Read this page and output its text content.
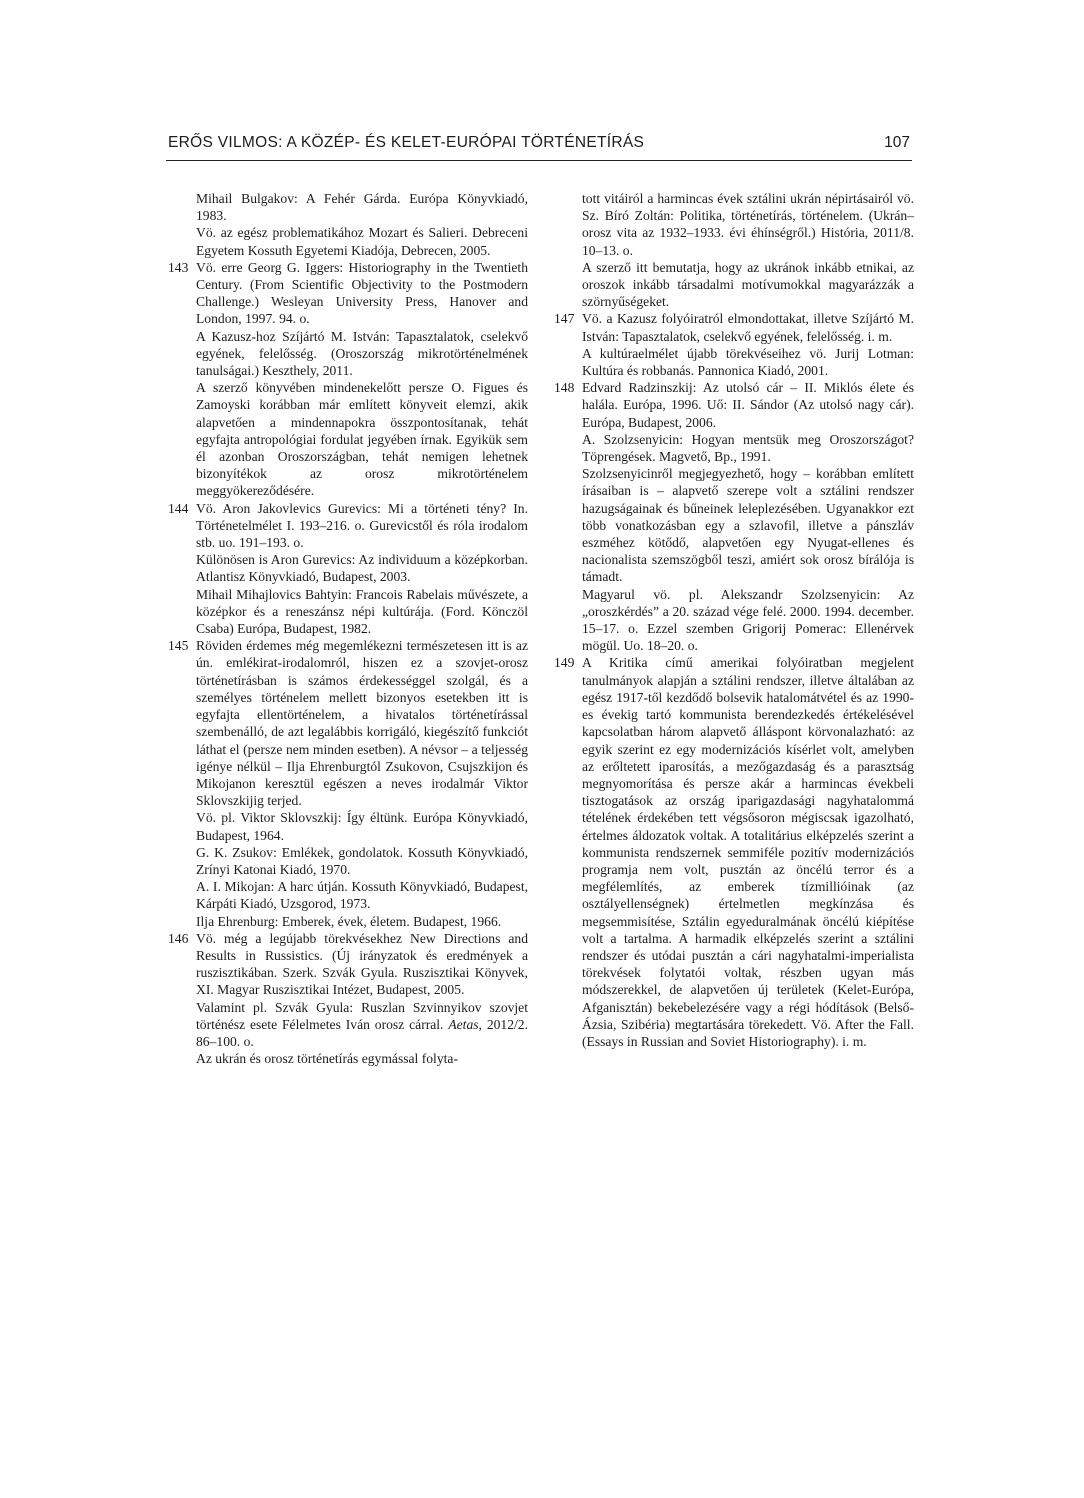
ERŐS VILMOS: A KÖZÉP- ÉS KELET-EURÓPAI TÖRTÉNETÍRÁS	107

Mihail Bulgakov: A Fehér Gárda. Európa Könyvkiadó, 1983.

Vö. az egész problematikához Mozart és Salieri. Debreceni Egyetem Kossuth Egyetemi Kiadója, Debrecen, 2005.

143 Vö. erre Georg G. Iggers: Historiography in the Twentieth Century. (From Scientific Objectivity to the Postmodern Challenge.) Wesleyan University Press, Hanover and London, 1997. 94. o.

A Kazusz-hoz Szíjártó M. István: Tapasztalatok, cselekvő egyének, felelősség. (Oroszország mikrotörténelmének tanulságai.) Keszthely, 2011.

A szerző könyvében mindenekelőtt persze O. Figues és Zamoyski korábban már említett könyveit elemzi, akik alapvetően a mindennapokra összpontosítanak, tehát egyfajta antropológiai fordulat jegyében írnak. Egyikük sem él azonban Oroszországban, tehát nemigen lehetnek bizonyítékok az orosz mikrotörténelem meggyökereződésére.

144 Vö. Aron Jakovlevics Gurevics: Mi a történeti tény? In. Történetelmélet I. 193–216. o. Gurevicstől és róla irodalom stb. uo. 191–193. o.

Különösen is Aron Gurevics: Az individuum a középkorban. Atlantisz Könyvkiadó, Budapest, 2003.

Mihail Mihajlovics Bahtyin: Francois Rabelais művészete, a középkor és a reneszánsz népi kultúrája. (Ford. Könczöl Csaba) Európa, Budapest, 1982.

145 Röviden érdemes még megemlékezni természetesen itt is az ún. emlékirat-irodalomról, hiszen ez a szovjet-orosz történetírásban is számos érdekességgel szolgál, és a személyes történelem mellett bizonyos esetekben itt is egyfajta ellentörténelem, a hivatalos történetírással szembenálló, de azt legalábbis korrigáló, kiegészítő funkciót láthat el (persze nem minden esetben). A névsor – a teljesség igénye nélkül – Ilja Ehrenburgtól Zsukovon, Csujszkijon és Mikojanon keresztül egészen a neves irodalmár Viktor Sklovszkijig terjed.

Vö. pl. Viktor Sklovszkij: Így éltünk. Európa Könyvkiadó, Budapest, 1964.

G. K. Zsukov: Emlékek, gondolatok. Kossuth Könyvkiadó, Zrínyi Katonai Kiadó, 1970.

A. I. Mikojan: A harc útján. Kossuth Könyvkiadó, Budapest, Kárpáti Kiadó, Uzsgorod, 1973.

Ilja Ehrenburg: Emberek, évek, életem. Budapest, 1966.

146 Vö. még a legújabb törekvésekhez New Directions and Results in Russistics. (Új irányzatok és eredmények a ruszisztikában. Szerk. Szvák Gyula. Ruszisztikai Könyvek, XI. Magyar Ruszisztikai Intézet, Budapest, 2005.

Valamint pl. Szvák Gyula: Ruszlan Szvinnyikov szovjet történész esete Félelmetes Iván orosz cárral. Aetas, 2012/2. 86–100. o.

Az ukrán és orosz történetírás egymással folyta-

tott vitáiról a harmincas évek sztálini ukrán népirtásairól vö. Sz. Bíró Zoltán: Politika, történetírás, történelem. (Ukrán–orosz vita az 1932–1933. évi éhínségről.) História, 2011/8. 10–13. o.

A szerző itt bemutatja, hogy az ukránok inkább etnikai, az oroszok inkább társadalmi motívumokkal magyarázzák a szörnyűségeket.

147 Vö. a Kazusz folyóiratról elmondottakat, illetve Szíjártó M. István: Tapasztalatok, cselekvő egyének, felelősség. i. m.

A kultúraelmélet újabb törekvéseihez vö. Jurij Lotman: Kultúra és robbanás. Pannonica Kiadó, 2001.

148 Edvard Radzinszkij: Az utolsó cár – II. Miklós élete és halála. Európa, 1996. Uő: II. Sándor (Az utolsó nagy cár). Európa, Budapest, 2006.

A. Szolzsenyicin: Hogyan mentsük meg Oroszországot? Töprengések. Magvető, Bp., 1991.

Szolzsenyicinről megjegyezhető, hogy – korábban említett írásaiban is – alapvető szerepe volt a sztálini rendszer hazugságainak és bűneinek leleplezésében. Ugyanakkor ezt több vonatkozásban egy a szlavofil, illetve a pánszláv eszméhez kötődő, alapvetően egy Nyugat-ellenes és nacionalista szemszögből teszi, amiért sok orosz bírálója is támadt.

Magyarul vö. pl. Alekszandr Szolzsenyicin: Az „oroszkérdés” a 20. század vége felé. 2000. 1994. december. 15–17. o. Ezzel szemben Grigorij Pomerac: Ellenérvek mögül. Uo. 18–20. o.

149 A Kritika című amerikai folyóiratban megjelent tanulmányok alapján a sztálini rendszer, illetve általában az egész 1917-től kezdődő bolsevik hatalomátvétel és az 1990-es évekig tartó kommunista berendezkedés értékelésével kapcsolatban három alapvető álláspont körvonalazható: az egyik szerint ez egy modernizációs kísérlet volt, amelyben az erőltetett iparosítás, a mezőgazdaság és a parasztság megnyomorítása és persze akár a harmincas évekbeli tisztogatások az ország iparigazdasági nagyhatalommá tételének érdekében tett végsősoron mégiscsak igazolható, értelmes áldozatok voltak. A totalitárius elképzelés szerint a kommunista rendszernek semmiféle pozitív modernizációs programja nem volt, pusztán az öncélú terror és a megfélemlítés, az emberek tízmillióinak (az osztályellenségnek) értelmetlen megkínzása és megsemmisítése, Sztálin egyeduralmának öncélú kiépítése volt a tartalma. A harmadik elképzelés szerint a sztálini rendszer és utódai pusztán a cári nagyhatalmi-imperialista törekvések folytatói voltak, részben ugyan más módszerekkel, de alapvetően új területek (Kelet-Európa, Afganisztán) bekebelezésére vagy a régi hódítások (Belső-Ázsia, Szibéria) megtartására törekedett. Vö. After the Fall. (Essays in Russian and Soviet Historiography). i. m.
